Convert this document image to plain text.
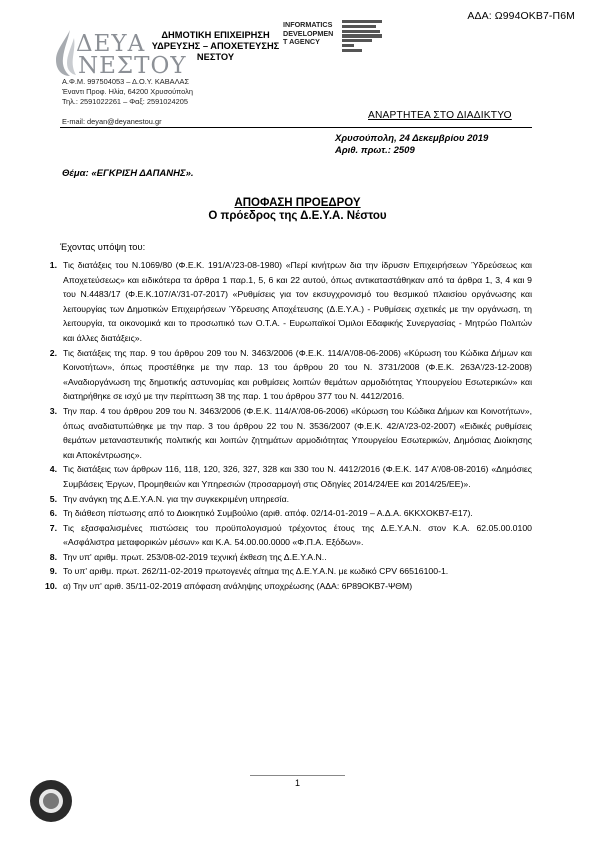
ΑΔΑ: Ω994ΟΚΒ7-Π6Μ
ΔΕΥΑ
ΝΕΣΤΟΥ
ΔΗΜΟΤΙΚΗ ΕΠΙΧΕΙΡΗΣΗ
ΥΔΡΕΥΣΗΣ – ΑΠΟΧΕΤΕΥΣΗΣ
ΝΕΣΤΟΥ
INFORMATICS
DEVELOPMEN
T AGENCY
Α.Φ.Μ. 997504053 – Δ.Ο.Υ. ΚΑΒΑΛΑΣ
Έναντι Προφ. Ηλία, 64200 Χρυσούπολη
Τηλ.: 2591022261 – Φαξ: 2591024205
E-mail: deyan@deyanestou.gr
ΑΝΑΡΤΗΤΕΑ ΣΤΟ ΔΙΑΔΙΚΤΥΟ
Χρυσούπολη, 24 Δεκεμβρίου 2019
Αριθ. πρωτ.: 2509
Θέμα: «ΕΓΚΡΙΣΗ ΔΑΠΑΝΗΣ».
ΑΠΟΦΑΣΗ ΠΡΟΕΔΡΟΥ
Ο πρόεδρος της Δ.Ε.Υ.Α. Νέστου
Έχοντας υπόψη του:
1. Τις διατάξεις του Ν.1069/80 (Φ.Ε.Κ. 191/Α'/23-08-1980) «Περί κινήτρων δια την ίδρυσιν Επιχειρήσεων Ύδρεύσεως και Αποχετεύσεως» και ειδικότερα τα άρθρα 1 παρ.1, 5, 6 και 22 αυτού, όπως αντικαταστάθηκαν από τα άρθρα 1, 3, 4 και 9 του Ν.4483/17 (Φ.Ε.Κ.107/Α'/31-07-2017) «Ρυθμίσεις για τον εκσυγχρονισμό του θεσμικού πλαισίου οργάνωσης και λειτουργίας των Δημοτικών Επιχειρήσεων Ύδρευσης Αποχέτευσης (Δ.Ε.Υ.Α.) - Ρυθμίσεις σχετικές με την οργάνωση, τη λειτουργία, τα οικονομικά και το προσωπικό των Ο.Τ.Α. - Ευρωπαϊκοί Όμιλοι Εδαφικής Συνεργασίας - Μητρώο Πολιτών και άλλες διατάξεις».
2. Τις διατάξεις της παρ. 9 του άρθρου 209 του Ν. 3463/2006 (Φ.Ε.Κ. 114/Α'/08-06-2006) «Κύρωση του Κώδικα Δήμων και Κοινοτήτων», όπως προστέθηκε με την παρ. 13 του άρθρου 20 του Ν. 3731/2008 (Φ.Ε.Κ. 263Α'/23-12-2008) «Αναδιοργάνωση της δημοτικής αστυνομίας και ρυθμίσεις λοιπών θεμάτων αρμοδιότητας Υπουργείου Εσωτερικών» και διατηρήθηκε σε ισχύ με την περίπτωση 38 της παρ. 1 του άρθρου 377 του Ν. 4412/2016.
3. Την παρ. 4 του άρθρου 209 του Ν. 3463/2006 (Φ.Ε.Κ. 114/Α'/08-06-2006) «Κύρωση του Κώδικα Δήμων και Κοινοτήτων», όπως αναδιατυπώθηκε με την παρ. 3 του άρθρου 22 του Ν. 3536/2007 (Φ.Ε.Κ. 42/Α'/23-02-2007) «Ειδικές ρυθμίσεις θεμάτων μεταναστευτικής πολιτικής και λοιπών ζητημάτων αρμοδιότητας Υπουργείου Εσωτερικών, Δημόσιας Διοίκησης και Αποκέντρωσης».
4. Τις διατάξεις των άρθρων 116, 118, 120, 326, 327, 328 και 330 του Ν. 4412/2016 (Φ.Ε.Κ. 147 Α'/08-08-2016) «Δημόσιες Συμβάσεις Έργων, Προμηθειών και Υπηρεσιών (προσαρμογή στις Οδηγίες 2014/24/ΕΕ και 2014/25/ΕΕ)».
5. Την ανάγκη της Δ.Ε.Υ.Α.Ν. για την συγκεκριμένη υπηρεσία.
6. Τη διάθεση πίστωσης από το Διοικητικό Συμβούλιο (αριθ. απόφ. 02/14-01-2019 – Α.Δ.Α. 6ΚΚΧΟΚΒ7-Ε17).
7. Τις εξασφαλισμένες πιστώσεις του προϋπολογισμού τρέχοντος έτους της Δ.Ε.Υ.Α.Ν. στον Κ.Α. 62.05.00.0100 «Ασφάλιστρα μεταφορικών μέσων» και Κ.Α. 54.00.00.0000 «Φ.Π.Α. Εξόδων».
8. Την υπ' αριθμ. πρωτ. 253/08-02-2019 τεχνική έκθεση της Δ.Ε.Υ.Α.Ν..
9. Το υπ' αριθμ. πρωτ. 262/11-02-2019 πρωτογενές αίτημα της Δ.Ε.Υ.Α.Ν. με κωδικό CPV 66516100-1.
10. α) Την υπ' αριθ. 35/11-02-2019 απόφαση ανάληψης υποχρέωσης (ΑΔΑ: 6Ρ89ΟΚΒ7-ΨΘΜ)
1
